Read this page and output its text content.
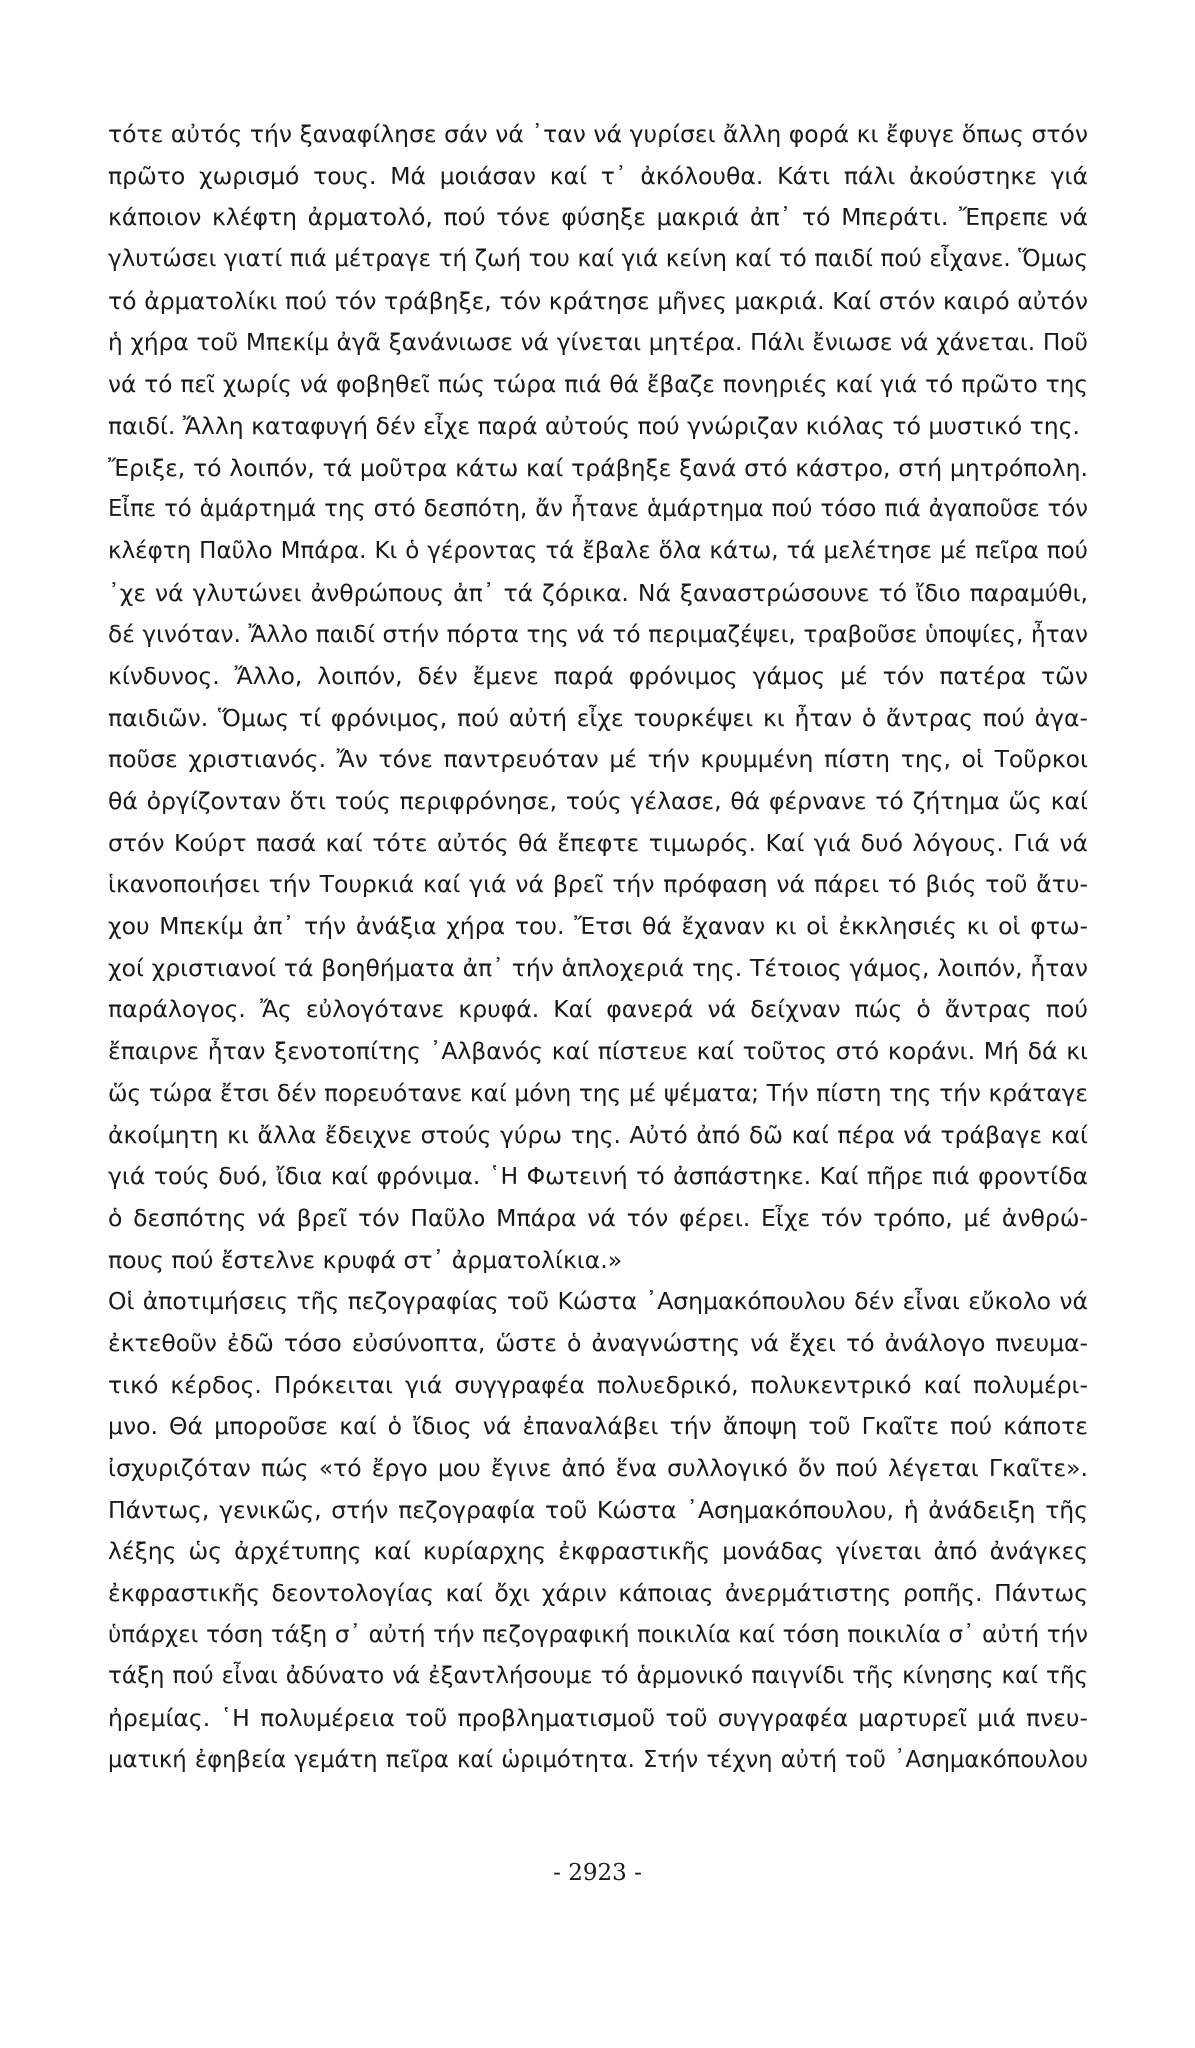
τότε αὐτός τήν ξαναφίλησε σάν νά ᾿ταν νά γυρίσει ἄλλη φορά κι ἔφυγε ὅπως στόν
πρῶτο χωρισμό τους. Μά μοιάσαν καί τ᾿ ἀκόλουθα. Κάτι πάλι ἀκούστηκε γιά
κάποιον κλέφτη ἀρματολό, πού τόνε φύσηξε μακριά ἀπ᾿ τό Μπεράτι. Ἔπρεπε νά
γλυτώσει γιατί πιά μέτραγε τή ζωή του καί γιά κείνη καί τό παιδί πού εἶχανε. Ὅμως
τό ἀρματολίκι πού τόν τράβηξε, τόν κράτησε μῆνες μακριά. Καί στόν καιρό αὐτόν
ἡ χήρα τοῦ Μπεκίμ ἀγᾶ ξανάνιωσε νά γίνεται μητέρα. Πάλι ἔνιωσε νά χάνεται. Ποῦ
νά τό πεῖ χωρίς νά φοβηθεῖ πώς τώρα πιά θά ἔβαζε πονηριές καί γιά τό πρῶτο της
παιδί. Ἄλλη καταφυγή δέν εἶχε παρά αὐτούς πού γνώριζαν κιόλας τό μυστικό της.
Ἔριξε, τό λοιπόν, τά μοῦτρα κάτω καί τράβηξε ξανά στό κάστρο, στή μητρόπολη.
Εἶπε τό ἁμάρτημά της στό δεσπότη, ἄν ἦτανε ἁμάρτημα πού τόσο πιά ἀγαποῦσε τόν
κλέφτη Παῦλο Μπάρα. Κι ὁ γέροντας τά ἔβαλε ὅλα κάτω, τά μελέτησε μέ πεῖρα πού
᾿χε νά γλυτώνει ἀνθρώπους ἀπ᾿ τά ζόρικα. Νά ξαναστρώσουνε τό ἴδιο παραμύθι,
δέ γινόταν. Ἄλλο παιδί στήν πόρτα της νά τό περιμαζέψει, τραβοῦσε ὑποψίες, ἦταν
κίνδυνος. Ἄλλο, λοιπόν, δέν ἔμενε παρά φρόνιμος γάμος μέ τόν πατέρα τῶν
παιδιῶν. Ὅμως τί φρόνιμος, πού αὐτή εἶχε τουρκέψει κι ἦταν ὁ ἄντρας πού ἀγα-
ποῦσε χριστιανός. Ἄν τόνε παντρευόταν μέ τήν κρυμμένη πίστη της, οἱ Τοῦρκοι
θά ὀργίζονταν ὅτι τούς περιφρόνησε, τούς γέλασε, θά φέρνανε τό ζήτημα ὥς καί
στόν Κούρτ πασά καί τότε αὐτός θά ἔπεφτε τιμωρός. Καί γιά δυό λόγους. Γιά νά
ἱκανοποιήσει τήν Τουρκιά καί γιά νά βρεῖ τήν πρόφαση νά πάρει τό βιός τοῦ ἄτυ-
χου Μπεκίμ ἀπ᾿ τήν ἀνάξια χήρα του. Ἔτσι θά ἔχαναν κι οἱ ἐκκλησιές κι οἱ φτω-
χοί χριστιανοί τά βοηθήματα ἀπ᾿ τήν ἁπλοχεριά της. Τέτοιος γάμος, λοιπόν, ἦταν
παράλογος. Ἄς εὐλογότανε κρυφά. Καί φανερά νά δείχναν πώς ὁ ἄντρας πού
ἔπαιρνε ἦταν ξενοτοπίτης ᾿Αλβανός καί πίστευε καί τοῦτος στό κοράνι. Μή δά κι
ὥς τώρα ἔτσι δέν πορευότανε καί μόνη της μέ ψέματα; Τήν πίστη της τήν κράταγε
ἀκοίμητη κι ἄλλα ἔδειχνε στούς γύρω της. Αὐτό ἀπό δῶ καί πέρα νά τράβαγε καί
γιά τούς δυό, ἴδια καί φρόνιμα. ῾Η Φωτεινή τό ἀσπάστηκε. Καί πῆρε πιά φροντίδα
ὁ δεσπότης νά βρεῖ τόν Παῦλο Μπάρα νά τόν φέρει. Εἶχε τόν τρόπο, μέ ἀνθρώ-
πους πού ἔστελνε κρυφά στ᾿ ἀρματολίκια.»
Οἱ ἀποτιμήσεις τῆς πεζογραφίας τοῦ Κώστα ᾿Ασημακόπουλου δέν εἶναι εὔκολο νά
ἐκτεθοῦν ἐδῶ τόσο εὐσύνοπτα, ὥστε ὁ ἀναγνώστης νά ἔχει τό ἀνάλογο πνευμα-
τικό κέρδος. Πρόκειται γιά συγγραφέα πολυεδρικό, πολυκεντρικό καί πολυμέρι-
μνο. Θά μποροῦσε καί ὁ ἴδιος νά ἐπαναλάβει τήν ἄποψη τοῦ Γκαῖτε πού κάποτε
ἰσχυριζόταν πώς «τό ἔργο μου ἔγινε ἀπό ἕνα συλλογικό ὄν πού λέγεται Γκαῖτε».
Πάντως, γενικῶς, στήν πεζογραφία τοῦ Κώστα ᾿Ασημακόπουλου, ἡ ἀνάδειξη τῆς
λέξης ὡς ἀρχέτυπης καί κυρίαρχης ἐκφραστικῆς μονάδας γίνεται ἀπό ἀνάγκες
ἐκφραστικῆς δεοντολογίας καί ὄχι χάριν κάποιας ἀνερμάτιστης ροπῆς. Πάντως
ὑπάρχει τόση τάξη σ᾿ αὐτή τήν πεζογραφική ποικιλία καί τόση ποικιλία σ᾿ αὐτή τήν
τάξη πού εἶναι ἀδύνατο νά ἐξαντλήσουμε τό ἁρμονικό παιγνίδι τῆς κίνησης καί τῆς
ἠρεμίας. ῾Η πολυμέρεια τοῦ προβληματισμοῦ τοῦ συγγραφέα μαρτυρεῖ μιά πνευ-
ματική ἐφηβεία γεμάτη πεῖρα καί ὡριμότητα. Στήν τέχνη αὐτή τοῦ ᾿Ασημακόπουλου
- 2923 -
